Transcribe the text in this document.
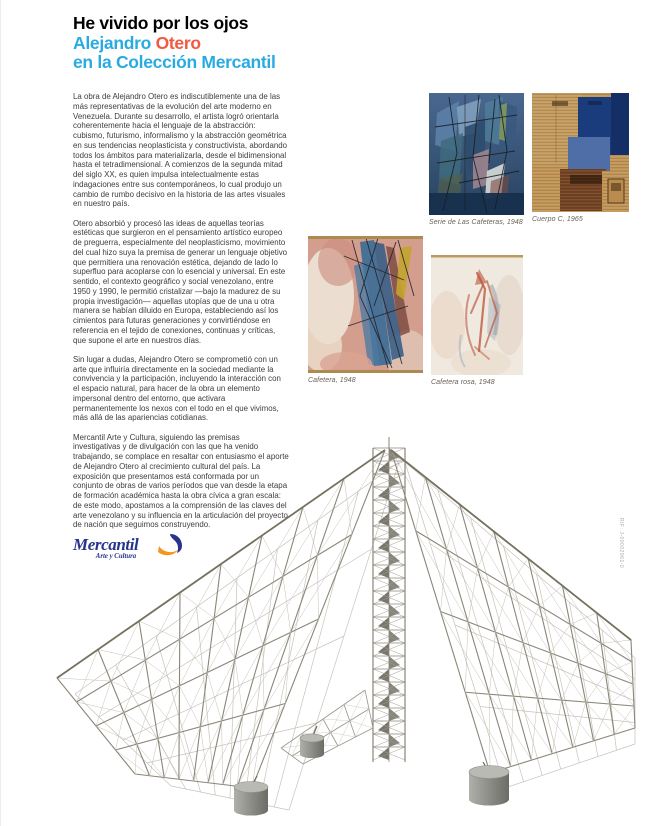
He vivido por los ojos
Alejandro Otero
en la Colección Mercantil

La obra de Alejandro Otero es indiscutiblemente una de las más representativas de la evolución del arte moderno en Venezuela. Durante su desarrollo, el artista logró orientarla coherentemente hacia el lenguaje de la abstracción: cubismo, futurismo, informalismo y la abstracción geométrica en sus tendencias neoplasticista y constructivista, abordando todos los ámbitos para materializarla, desde el bidimensional hasta el tetradimensional. A comienzos de la segunda mitad del siglo XX, es quien impulsa intelectualmente estas indagaciones entre sus contemporáneos, lo cual produjo un cambio de rumbo decisivo en la historia de las artes visuales en nuestro país.

Otero absorbió y procesó las ideas de aquellas teorías estéticas que surgieron en el pensamiento artístico europeo de preguerra, especialmente del neoplasticismo, movimiento del cual hizo suya la premisa de generar un lenguaje objetivo que permitiera una renovación estética, dejando de lado lo superfluo para acoplarse con lo esencial y universal. En este sentido, el contexto geográfico y social venezolano, entre 1950 y 1990, le permitió cristalizar —bajo la madurez de su propia investigación— aquellas utopías que de una u otra manera se habían diluido en Europa, estableciendo así los cimientos para futuras generaciones y convirtiéndose en referencia en el tejido de conexiones, continuas y críticas, que supone el arte en nuestros días.

Sin lugar a dudas, Alejandro Otero se comprometió con un arte que influiría directamente en la sociedad mediante la convivencia y la participación, incluyendo la interacción con el espacio natural, para hacer de la obra un elemento impersonal dentro del entorno, que activara permanentemente los nexos con el todo en el que vivimos, más allá de las apariencias cotidianas.

Mercantil Arte y Cultura, siguiendo las premisas investigativas y de divulgación con las que ha venido trabajando, se complace en resaltar con entusiasmo el aporte de Alejandro Otero al crecimiento cultural del país. La exposición que presentamos está conformada por un conjunto de obras de varios períodos que van desde la etapa de formación académica hasta la obra cívica a gran escala: de este modo, apostamos a la comprensión de las claves del arte venezolano y su influencia en la articulación del proyecto de nación que seguimos construyendo.

Serie de Las Cafeteras, 1948 Cuerpo C, 1965
Cafetera, 1948	Cafetera rosa, 1948
Mercantil
Arte y Cultura	RIF: J-00002961-0
